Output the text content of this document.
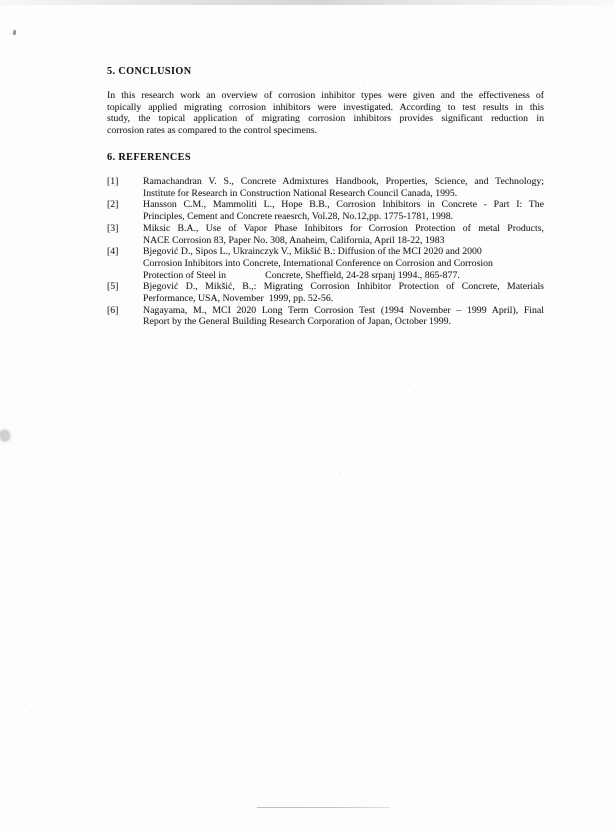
5. CONCLUSION
In this research work an overview of corrosion inhibitor types were given and the effectiveness of
topically applied migrating corrosion inhibitors were investigated. According to test results in this
study, the topical application of migrating corrosion inhibitors provides significant reduction in
corrosion rates as compared to the control specimens.
6. REFERENCES
[1]	Ramachandran V. S., Concrete Admixtures Handbook, Properties, Science, and Technology;
Institute for Research in Construction National Research Council Canada, 1995.
[2]	Hansson C.M., Mammoliti L., Hope B.B., Corrosion Inhibitors in Concrete - Part I: The
Principles, Cement and Concrete reaesrch, Vol.28, No.12,pp. 1775-1781, 1998.
[3]	Miksic B.A., Use of Vapor Phase Inhibitors for Corrosion Protection of metal Products,
NACE Corrosion 83, Paper No. 308, Anaheim, California, April 18-22, 1983
[4]	Bjegović D., Sipos L., Ukrainczyk V., Mikšić B.: Diffusion of the MCI 2020 and 2000
Corrosion Inhibitors into Concrete, International Conference on Corrosion and Corrosion
Protection of Steel in                Concrete, Sheffield, 24-28 srpanj 1994., 865-877.
[5]	Bjegović D., Mikšić, B.,: Migrating Corrosion Inhibitor Protection of Concrete, Materials
Performance, USA, November  1999, pp. 52-56.
[6]	Nagayama, M., MCI 2020 Long Term Corrosion Test (1994 November – 1999 April), Final
Report by the General Building Research Corporation of Japan, October 1999.
